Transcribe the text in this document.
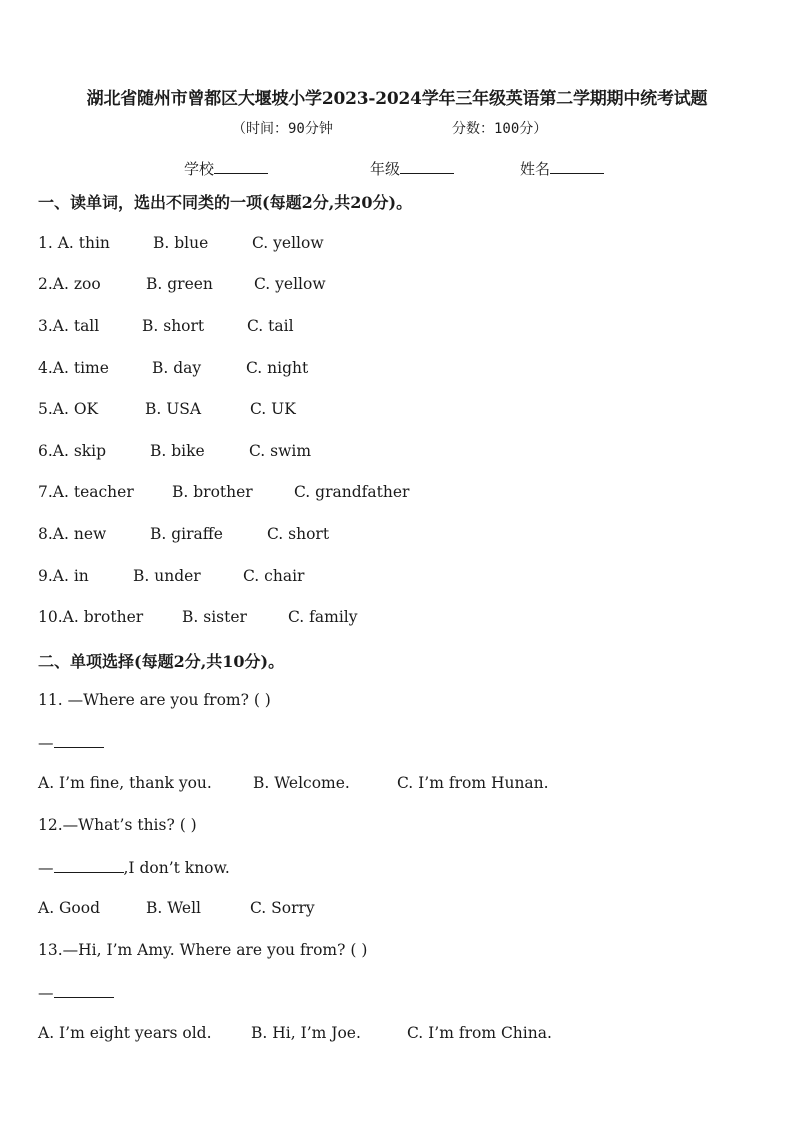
湖北省随州市曾都区大堰坡小学2023-2024学年三年级英语第二学期期中统考试题
（时间：90分钟	分数：100分）
学校	年级	姓名
一、读单词，选出不同类的一项(每题2分,共20分)。
1. A. thin	B. blue	C. yellow
2.A. zoo	B. green	C. yellow
3.A. tall	B. short	C. tail
4.A. time	B. day	C. night
5.A. OK	B. USA	C. UK
6.A. skip	B. bike	C. swim
7.A. teacher B. brother	C. grandfather
8.A. new	B. giraffe	C. short
9.A. in	B. under	C. chair
10.A. brother	B. sister	C. family
二、单项选择(每题2分,共10分)。
11. —Where are you from? ( )
—
A. I’m fine, thank you.	B. Welcome.	C. I’m from Hunan.
12.—What’s this? ( )
—	,I don’t know.
A. Good	B. Well	C. Sorry
13.—Hi, I’m Amy. Where are you from? ( )
—
A. I’m eight years old.	B. Hi, I’m Joe.	C. I’m from China.
